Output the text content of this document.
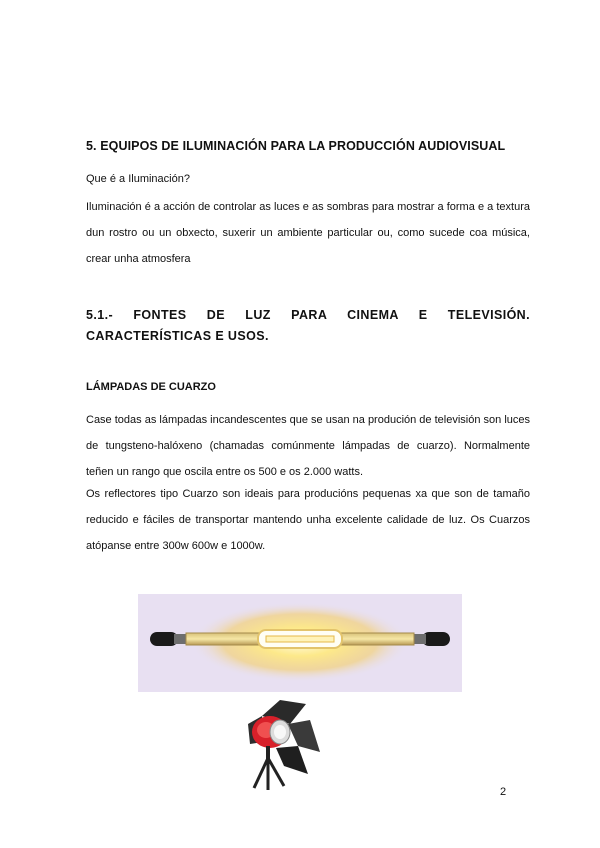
5. EQUIPOS DE ILUMINACIÓN PARA LA PRODUCCIÓN AUDIOVISUAL
Que é a Iluminación?
Iluminación é a acción de controlar as luces e as sombras para mostrar a forma e a textura dun rostro ou un obxecto, suxerir un ambiente particular ou, como sucede coa música, crear unha atmosfera
5.1.- FONTES DE LUZ PARA CINEMA E TELEVISIÓN. CARACTERÍSTICAS E USOS.
LÁMPADAS DE CUARZO
Case todas as lámpadas incandescentes que se usan na produción de televisión son luces de tungsteno-halóxeno (chamadas comúnmente lámpadas de cuarzo). Normalmente teñen un rango que oscila entre os 500 e os 2.000 watts.
Os reflectores tipo Cuarzo son ideais para producións pequenas xa que son de tamaño reducido e fáciles de transportar mantendo unha excelente calidade de luz. Os Cuarzos atópanse entre 300w 600w e 1000w.
2
